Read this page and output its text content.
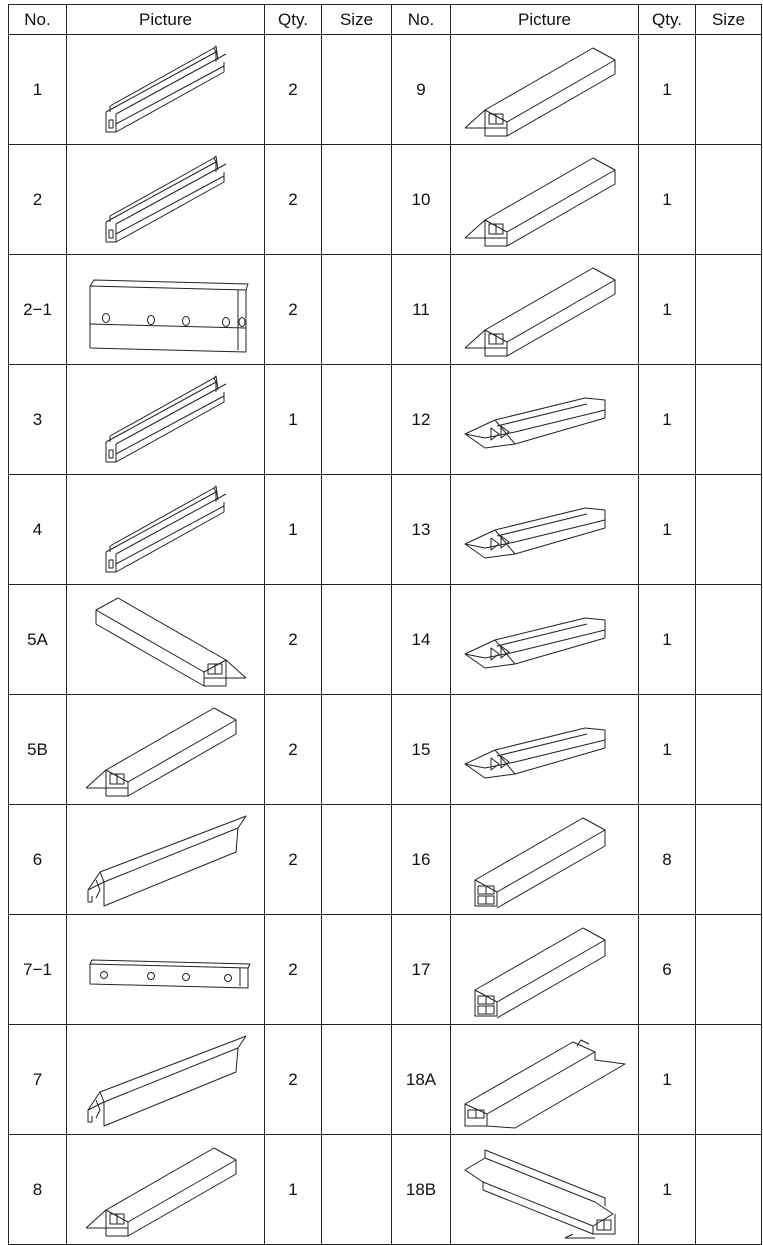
No.	Picture	Qty.	Size	No.	Picture	Qty.	Size
1		2		9		1	
2		2		10		1	
2−1		2		11		1	
3		1		12		1	
4		1		13		1	
5A		2		14		1	
5B		2		15		1	
6		2		16		8	
7−1		2		17		6	
7		2		18A		1	
8		1		18B		1	
